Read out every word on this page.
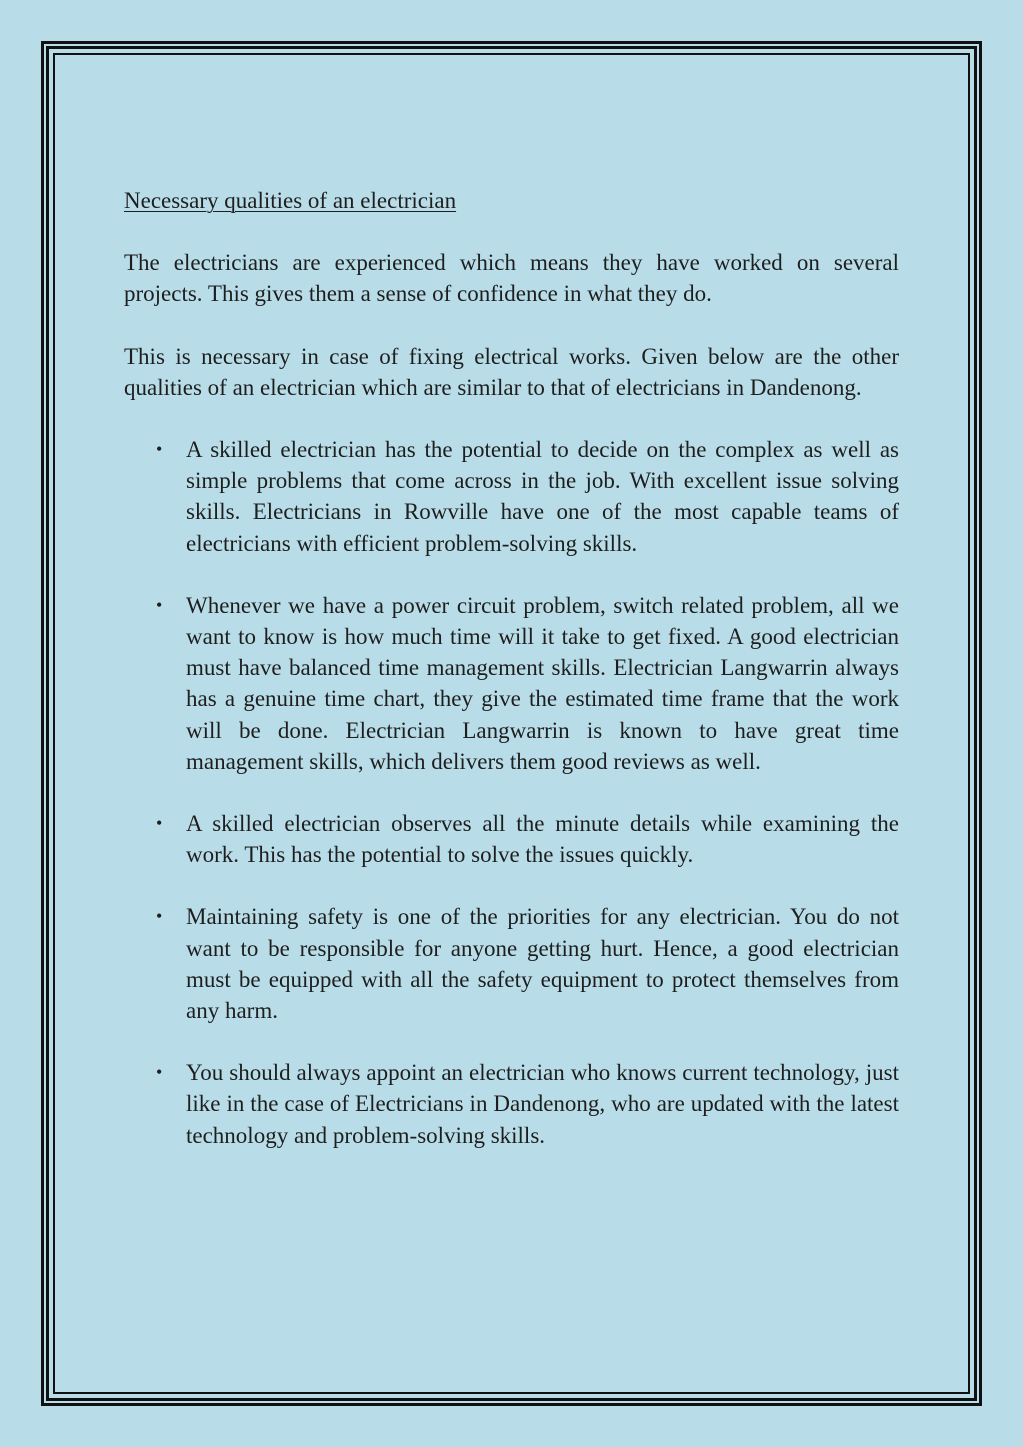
Necessary qualities of an electrician

The electricians are experienced which means they have worked on several projects. This gives them a sense of confidence in what they do.

This is necessary in case of fixing electrical works. Given below are the other qualities of an electrician which are similar to that of electricians in Dandenong.

• A skilled electrician has the potential to decide on the complex as well as simple problems that come across in the job. With excellent issue solving skills. Electricians in Rowville have one of the most capable teams of electricians with efficient problem-solving skills.
• Whenever we have a power circuit problem, switch related problem, all we want to know is how much time will it take to get fixed. A good electrician must have balanced time management skills. Electrician Langwarrin always has a genuine time chart, they give the estimated time frame that the work will be done. Electrician Langwarrin is known to have great time management skills, which delivers them good reviews as well.
• A skilled electrician observes all the minute details while examining the work. This has the potential to solve the issues quickly.
• Maintaining safety is one of the priorities for any electrician. You do not want to be responsible for anyone getting hurt. Hence, a good electrician must be equipped with all the safety equipment to protect themselves from any harm.
• You should always appoint an electrician who knows current technology, just like in the case of Electricians in Dandenong, who are updated with the latest technology and problem-solving skills.
